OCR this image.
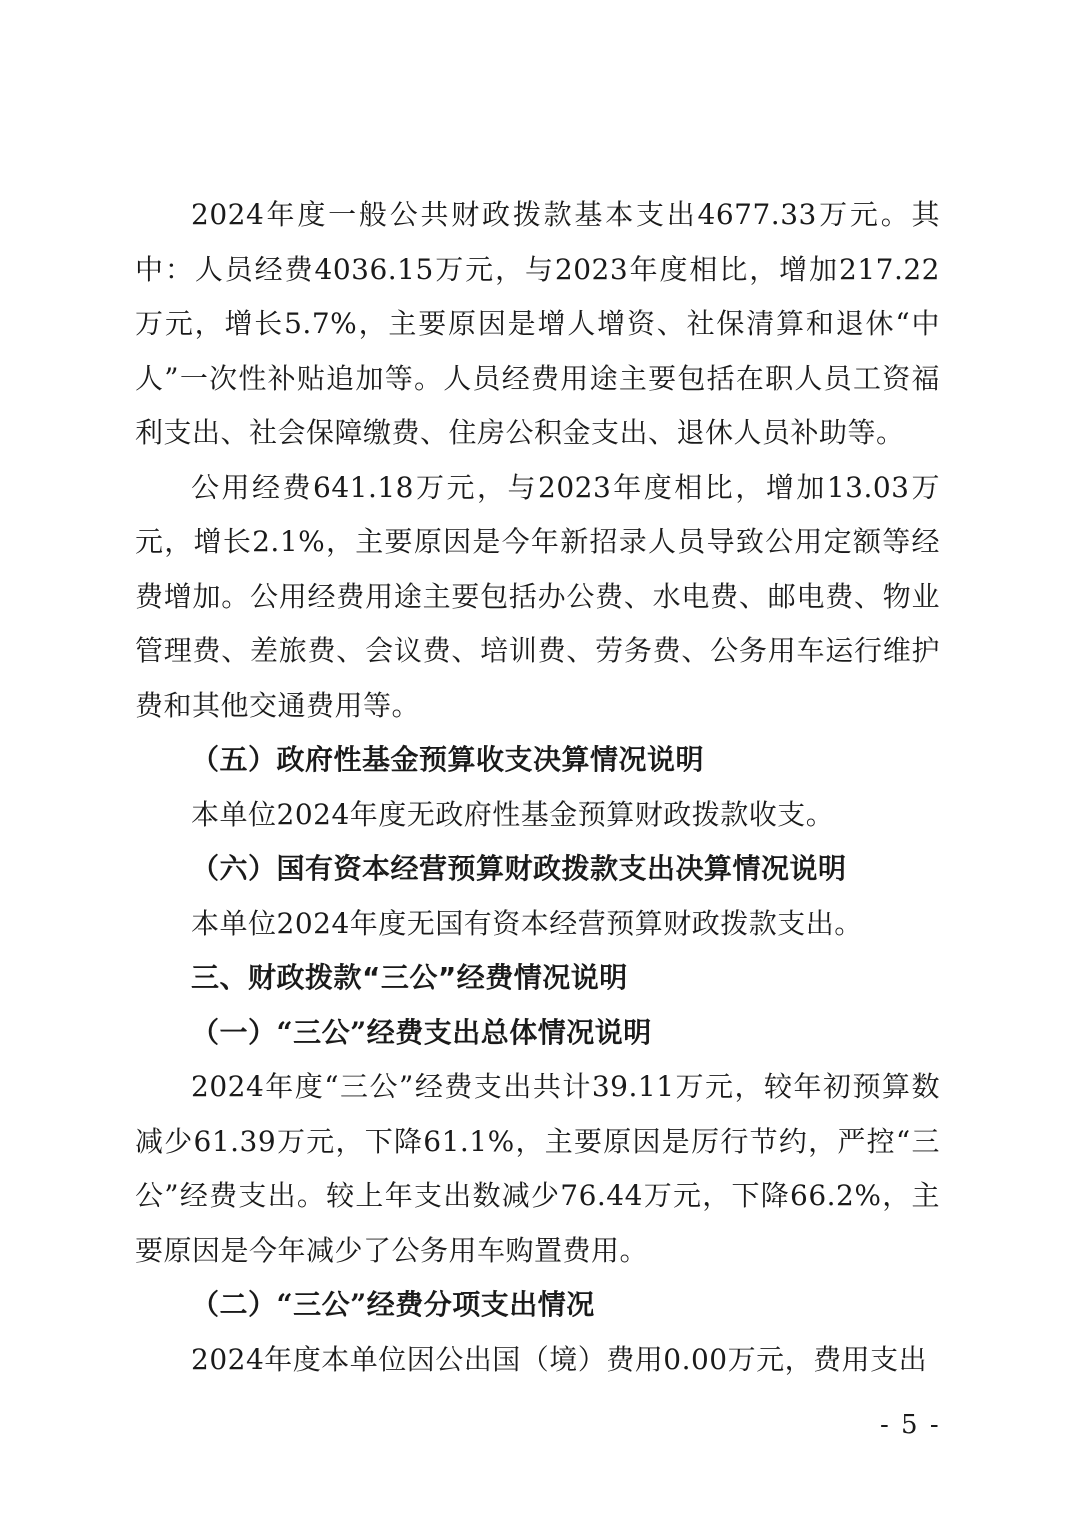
2024年度一般公共财政拨款基本支出4677.33万元。其中：人员经费4036.15万元，与2023年度相比，增加217.22万元，增长5.7%，主要原因是增人增资、社保清算和退休“中人”一次性补贴追加等。人员经费用途主要包括在职人员工资福利支出、社会保障缴费、住房公积金支出、退休人员补助等。

公用经费641.18万元，与2023年度相比，增加13.03万元，增长2.1%，主要原因是今年新招录人员导致公用定额等经费增加。公用经费用途主要包括办公费、水电费、邮电费、物业管理费、差旅费、会议费、培训费、劳务费、公务用车运行维护费和其他交通费用等。

（五）政府性基金预算收支决算情况说明

本单位2024年度无政府性基金预算财政拨款收支。

（六）国有资本经营预算财政拨款支出决算情况说明

本单位2024年度无国有资本经营预算财政拨款支出。

三、财政拨款“三公”经费情况说明

（一）“三公”经费支出总体情况说明

2024年度“三公”经费支出共计39.11万元，较年初预算数减少61.39万元，下降61.1%，主要原因是厉行节约，严控“三公”经费支出。较上年支出数减少76.44万元，下降66.2%，主要原因是今年减少了公务用车购置费用。

（二）“三公”经费分项支出情况

2024年度本单位因公出国（境）费用0.00万元，费用支出

- 5 -
